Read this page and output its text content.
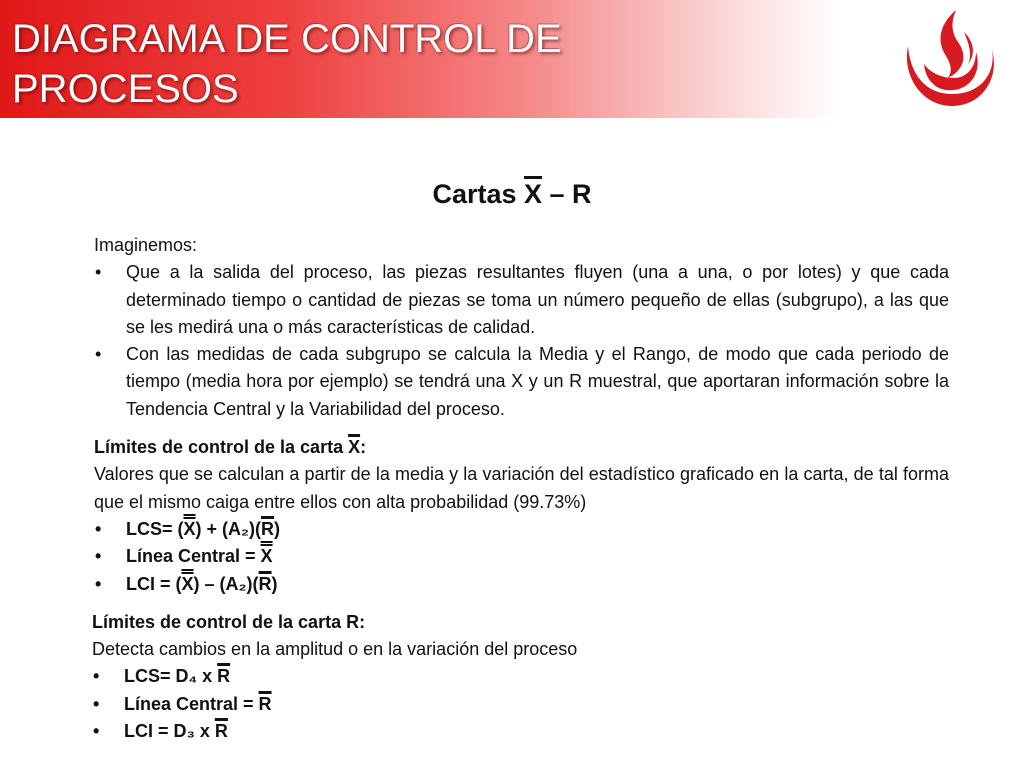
DIAGRAMA DE CONTROL DE
PROCESOS
Cartas X – R

Imaginemos:

• Que a la salida del proceso, las piezas resultantes fluyen (una a una, o por lotes) y que cada determinado tiempo o cantidad de piezas se toma un número pequeño de ellas (subgrupo), a las que se les medirá una o más características de calidad.
• Con las medidas de cada subgrupo se calcula la Media y el Rango, de modo que cada periodo de tiempo (media hora por ejemplo) se tendrá una X y un R muestral, que aportaran información sobre la Tendencia Central y la Variabilidad del proceso.

Límites de control de la carta $\overline{X}$:

Valores que se calculan a partir de la media y la variación del estadístico graficado en la carta, de tal forma que el mismo caiga entre ellos con alta probabilidad (99.73%)

• $LCS= (X) + (A_2)(\overline{R})$
• Línea Central = X
• LCI = $(X) - (A_2)(\overline{R})$

Límites de control de la carta R:

Detecta cambios en la amplitud o en la variación del proceso

• LCS= D₄ x $\overline{R}$
• Línea Central = $\overline{R}$
• LCI = D₃ x $\overline{R}$
